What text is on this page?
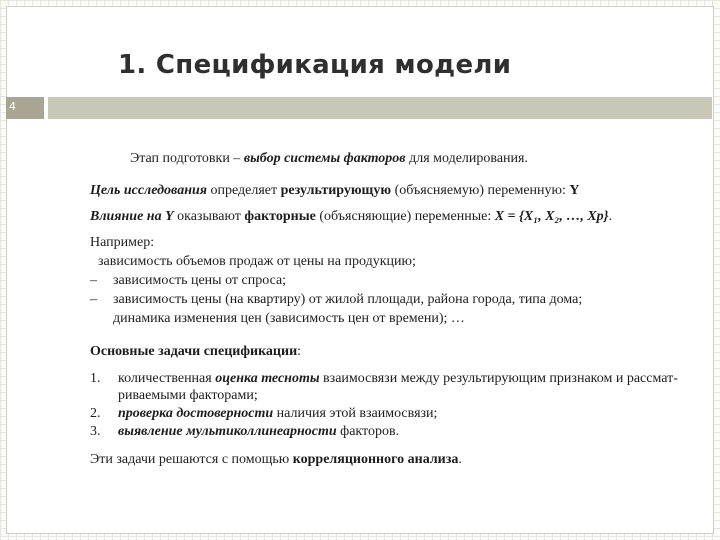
1. Спецификация модели
4
Этап подготовки – выбор системы факторов для моделирования.
Цель исследования определяет результирующую (объясняемую) переменную: Y
Влияние на Y оказывают факторные (объясняющие) переменные: X = {X₁, X₂, …, Xp}.
Например:
зависимость объемов продаж от цены на продукцию;
– зависимость цены от спроса;
– зависимость цены (на квартиру) от жилой площади, района города, типа дома;
динамика изменения цен (зависимость цен от времени); …
Основные задачи спецификации:
1. количественная оценка тесноты взаимосвязи между результирующим признаком и рассмат-
риваемыми факторами;
2. проверка достоверности наличия этой взаимосвязи;
3. выявление мультиколлинеарности факторов.
Эти задачи решаются с помощью корреляционного анализа.
